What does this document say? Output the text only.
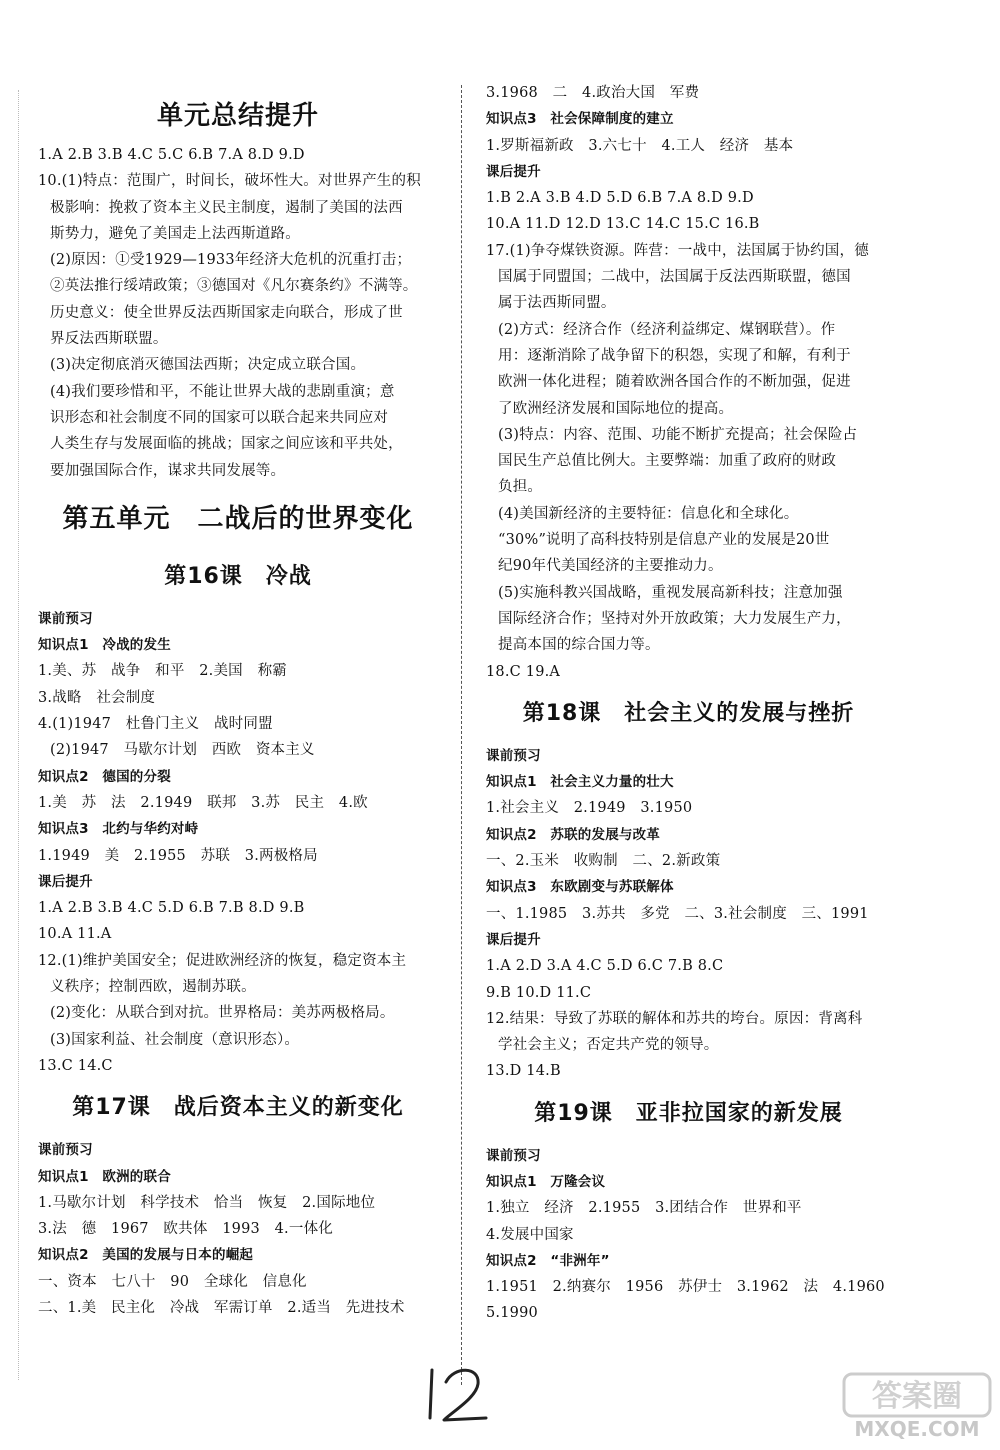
单元总结提升
1.A 2.B 3.B 4.C 5.C 6.B 7.A 8.D 9.D
10.(1)特点：范围广，时间长，破坏性大。对世界产生的积
极影响：挽救了资本主义民主制度，遏制了美国的法西
斯势力，避免了美国走上法西斯道路。
(2)原因：①受1929—1933年经济大危机的沉重打击；
②英法推行绥靖政策；③德国对《凡尔赛条约》不满等。
历史意义：使全世界反法西斯国家走向联合，形成了世
界反法西斯联盟。
(3)决定彻底消灭德国法西斯；决定成立联合国。
(4)我们要珍惜和平，不能让世界大战的悲剧重演；意
识形态和社会制度不同的国家可以联合起来共同应对
人类生存与发展面临的挑战；国家之间应该和平共处，
要加强国际合作，谋求共同发展等。
第五单元　二战后的世界变化
第16课　冷战
课前预习
知识点1　冷战的发生
1.美、苏　战争　和平　2.美国　称霸
3.战略　社会制度
4.(1)1947　杜鲁门主义　战时同盟
(2)1947　马歇尔计划　西欧　资本主义
知识点2　德国的分裂
1.美　苏　法　2.1949　联邦　3.苏　民主　4.欧
知识点3　北约与华约对峙
1.1949　美　2.1955　苏联　3.两极格局
课后提升
1.A 2.B 3.B 4.C 5.D 6.B 7.B 8.D 9.B
10.A 11.A
12.(1)维护美国安全；促进欧洲经济的恢复，稳定资本主
义秩序；控制西欧，遏制苏联。
(2)变化：从联合到对抗。世界格局：美苏两极格局。
(3)国家利益、社会制度（意识形态）。
13.C 14.C
第17课　战后资本主义的新变化
课前预习
知识点1　欧洲的联合
1.马歇尔计划　科学技术　恰当　恢复　2.国际地位
3.法　德　1967　欧共体　1993　4.一体化
知识点2　美国的发展与日本的崛起
一、资本　七八十　90　全球化　信息化
二、1.美　民主化　冷战　军需订单　2.适当　先进技术
3.1968　二　4.政治大国　军费
知识点3　社会保障制度的建立
1.罗斯福新政　3.六七十　4.工人　经济　基本
课后提升
1.B 2.A 3.B 4.D 5.D 6.B 7.A 8.D 9.D
10.A 11.D 12.D 13.C 14.C 15.C 16.B
17.(1)争夺煤铁资源。阵营：一战中，法国属于协约国，德
国属于同盟国；二战中，法国属于反法西斯联盟，德国
属于法西斯同盟。
(2)方式：经济合作（经济利益绑定、煤钢联营）。作
用：逐渐消除了战争留下的积怨，实现了和解，有利于
欧洲一体化进程；随着欧洲各国合作的不断加强，促进
了欧洲经济发展和国际地位的提高。
(3)特点：内容、范围、功能不断扩充提高；社会保险占
国民生产总值比例大。主要弊端：加重了政府的财政
负担。
(4)美国新经济的主要特征：信息化和全球化。
“30%”说明了高科技特别是信息产业的发展是20世
纪90年代美国经济的主要推动力。
(5)实施科教兴国战略，重视发展高新科技；注意加强
国际经济合作；坚持对外开放政策；大力发展生产力，
提高本国的综合国力等。
18.C 19.A
第18课　社会主义的发展与挫折
课前预习
知识点1　社会主义力量的壮大
1.社会主义　2.1949　3.1950
知识点2　苏联的发展与改革
一、2.玉米　收购制　二、2.新政策
知识点3　东欧剧变与苏联解体
一、1.1985　3.苏共　多党　二、3.社会制度　三、1991
课后提升
1.A 2.D 3.A 4.C 5.D 6.C 7.B 8.C
9.B 10.D 11.C
12.结果：导致了苏联的解体和苏共的垮台。原因：背离科
学社会主义；否定共产党的领导。
13.D 14.B
第19课　亚非拉国家的新发展
课前预习
知识点1　万隆会议
1.独立　经济　2.1955　3.团结合作　世界和平
4.发展中国家
知识点2　“非洲年”
1.1951　2.纳赛尔　1956　苏伊士　3.1962　法　4.1960
5.1990
答案圈
MXQE.COM
